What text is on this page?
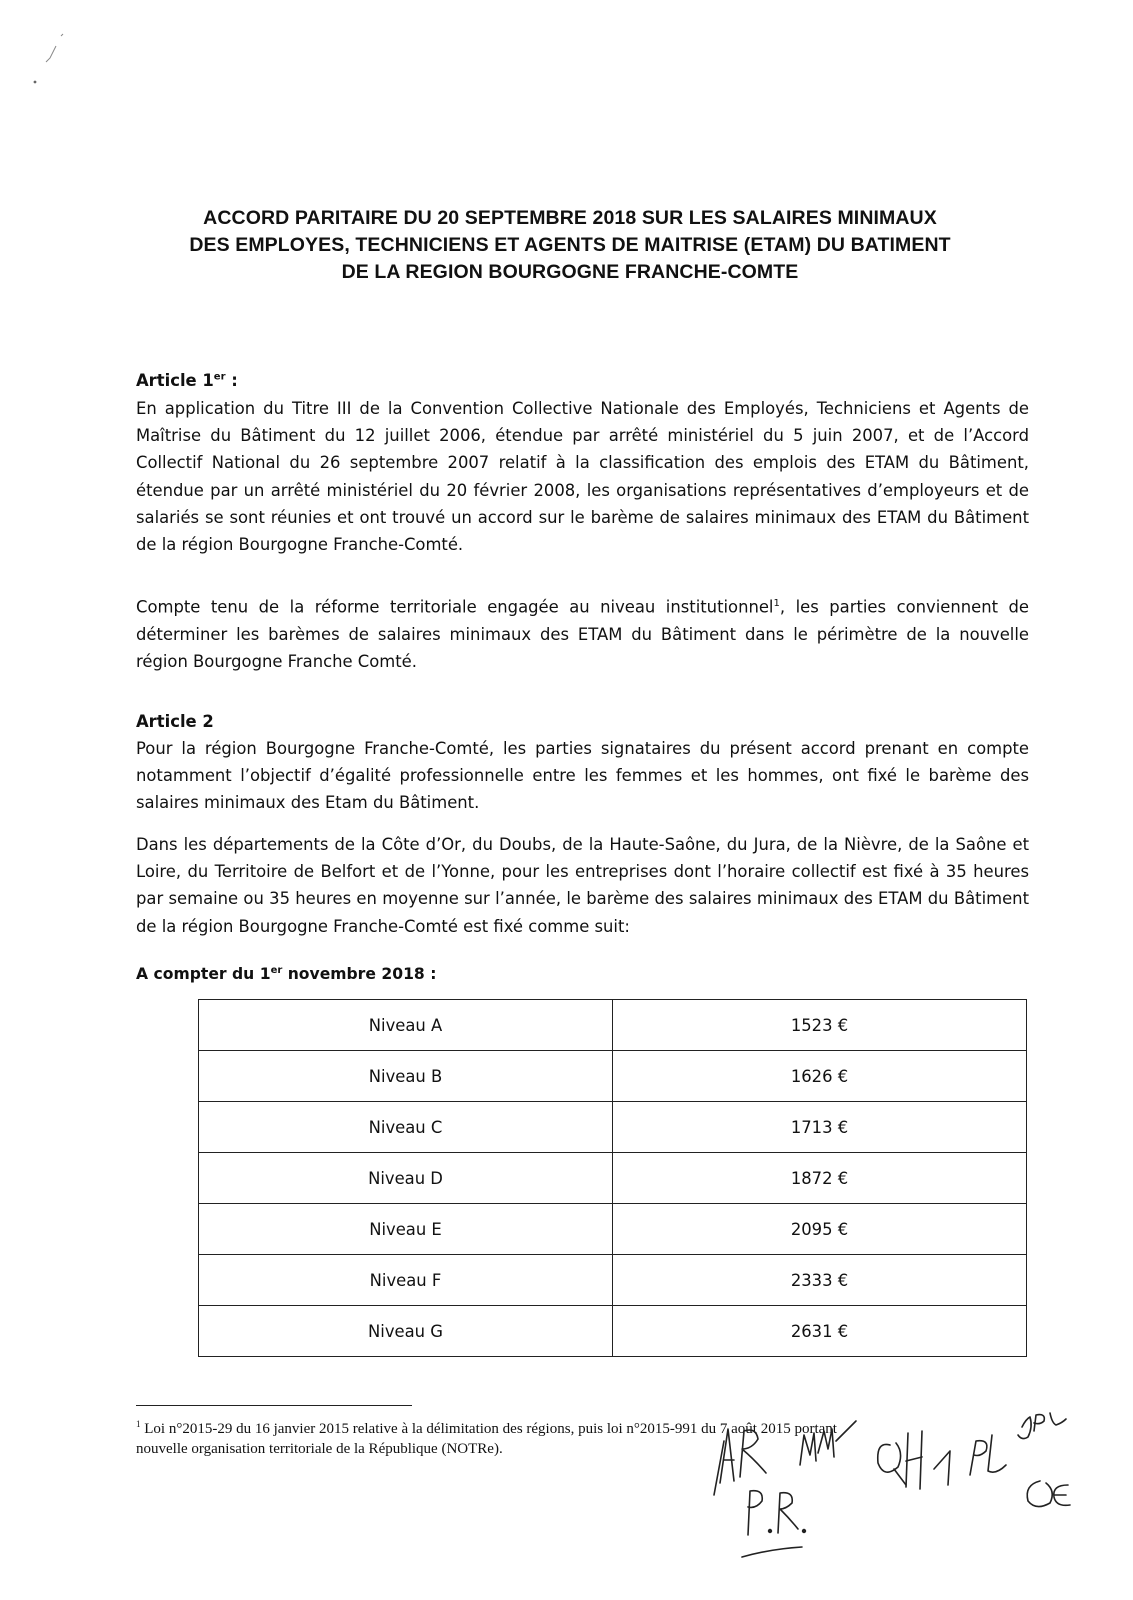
ACCORD PARITAIRE DU 20 SEPTEMBRE 2018 SUR LES SALAIRES MINIMAUX
DES EMPLOYES, TECHNICIENS ET AGENTS DE MAITRISE (ETAM) DU BATIMENT
DE LA REGION BOURGOGNE FRANCHE-COMTE
Article 1er :

En application du Titre III de la Convention Collective Nationale des Employés, Techniciens et Agents de Maîtrise du Bâtiment du 12 juillet 2006, étendue par arrêté ministériel du 5 juin 2007, et de l’Accord Collectif National du 26 septembre 2007 relatif à la classification des emplois des ETAM du Bâtiment, étendue par un arrêté ministériel du 20 février 2008, les organisations représentatives d’employeurs et de salariés se sont réunies et ont trouvé un accord sur le barème de salaires minimaux des ETAM du Bâtiment de la région Bourgogne Franche-Comté.

Compte tenu de la réforme territoriale engagée au niveau institutionnel$^1$, les parties conviennent de déterminer les barèmes de salaires minimaux des ETAM du Bâtiment dans le périmètre de la nouvelle région Bourgogne Franche Comté.

Article 2

Pour la région Bourgogne Franche-Comté, les parties signataires du présent accord prenant en compte notamment l’objectif d’égalité professionnelle entre les femmes et les hommes, ont fixé le barème des salaires minimaux des Etam du Bâtiment.

Dans les départements de la Côte d’Or, du Doubs, de la Haute-Saône, du Jura, de la Nièvre, de la Saône et Loire, du Territoire de Belfort et de l’Yonne, pour les entreprises dont l’horaire collectif est fixé à 35 heures par semaine ou 35 heures en moyenne sur l’année, le barème des salaires minimaux des ETAM du Bâtiment de la région Bourgogne Franche-Comté est fixé comme suit:

A compter du 1er novembre 2018 :
Niveau A	1523 €
Niveau B	1626 €
Niveau C	1713 €
Niveau D	1872 €
Niveau E	2095 €
Niveau F	2333 €
Niveau G	2631 €
$^1$ Loi n°2015-29 du 16 janvier 2015 relative à la délimitation des régions, puis loi n°2015-991 du 7 août 2015 portant
nouvelle organisation territoriale de la République (NOTRe).
